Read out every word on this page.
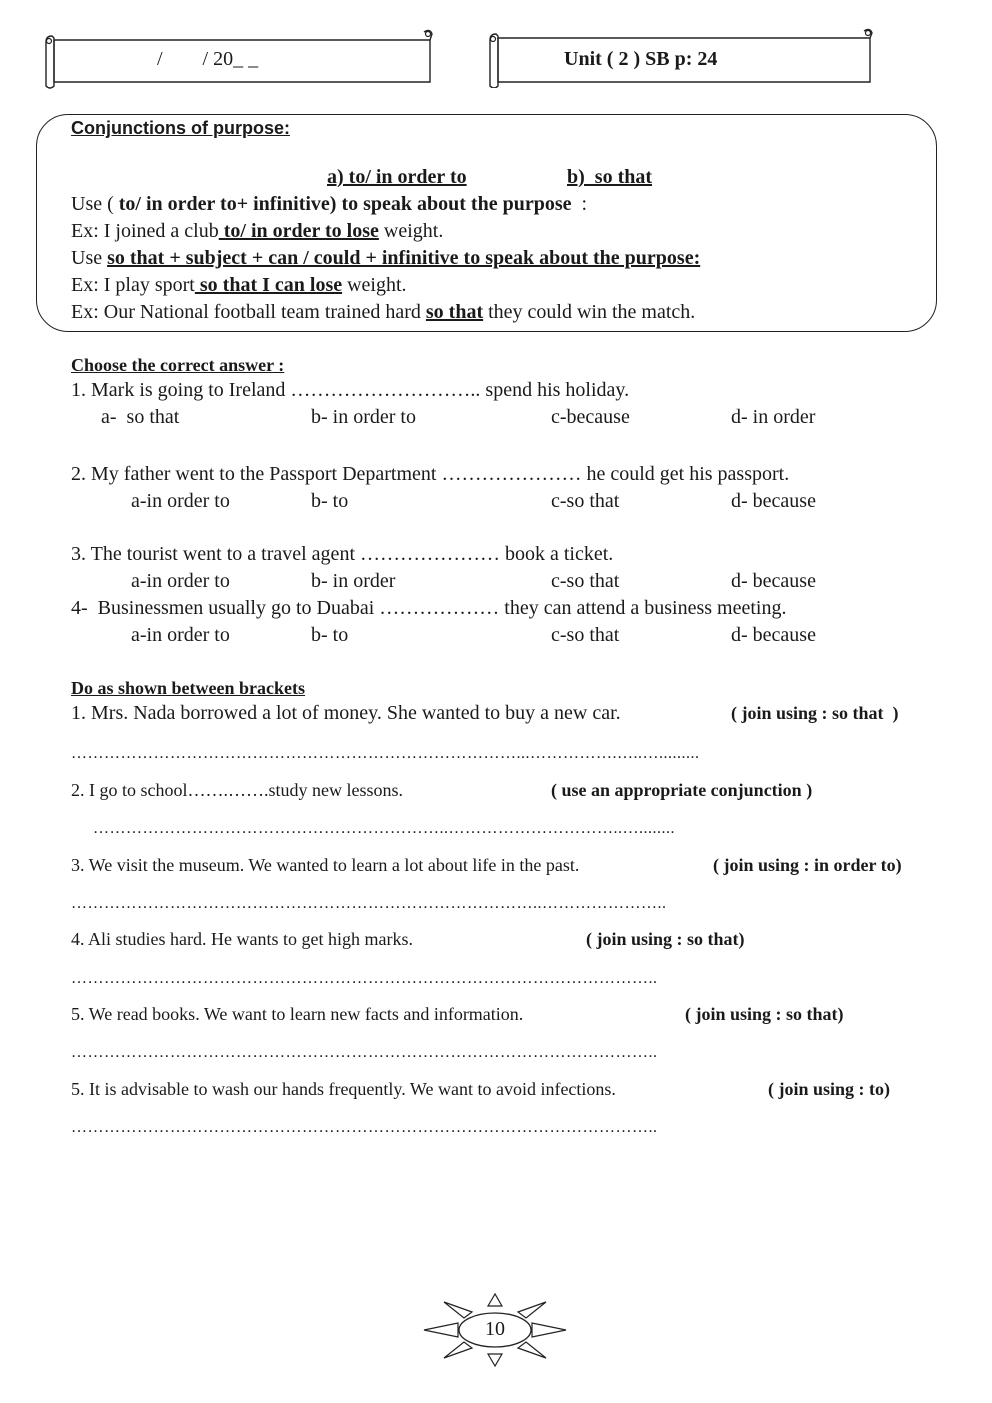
/        / 20_ _	Unit ( 2 ) SB p: 24
Conjunctions of purpose:
a) to/ in order to	b)  so that
Use ( to/ in order to+ infinitive) to speak about the purpose  :
Ex: I joined a club to/ in order to lose weight.
Use so that + subject + can / could + infinitive to speak about the purpose:
Ex: I play sport so that I can lose weight.
Ex: Our National football team trained hard so that they could win the match.
Choose the correct answer :
1. Mark is going to Ireland ……………………….. spend his holiday.
a-  so that	b- in order to	c-because	d- in order
2. My father went to the Passport Department ………………… he could get his passport.
a-in order to	b- to	c-so that	d- because
3. The tourist went to a travel agent ………………… book a ticket.
a-in order to	b- in order	c-so that	d- because
4-  Businessmen usually go to Duabai ……………… they can attend a business meeting.
a-in order to	b- to	c-so that	d- because
Do as shown between brackets
1. Mrs. Nada borrowed a lot of money. She wanted to buy a new car.	( join using : so that  )
………………………………………………………………………...…………….…..….........
2. I go to school…….…….study new lessons.	( use an appropriate conjunction )
………………………………………………………..…………………………..…........
3. We visit the museum. We wanted to learn a lot about life in the past.	( join using : in order to)
…………………………………………………………………………..…………………..
4. Ali studies hard. He wants to get high marks.	( join using : so that)
……………………………………………………………………………………………..
5. We read books. We want to learn new facts and information.	( join using : so that)
……………………………………………………………………………………………..
5. It is advisable to wash our hands frequently. We want to avoid infections.	( join using : to)
……………………………………………………………………………………………..
10
